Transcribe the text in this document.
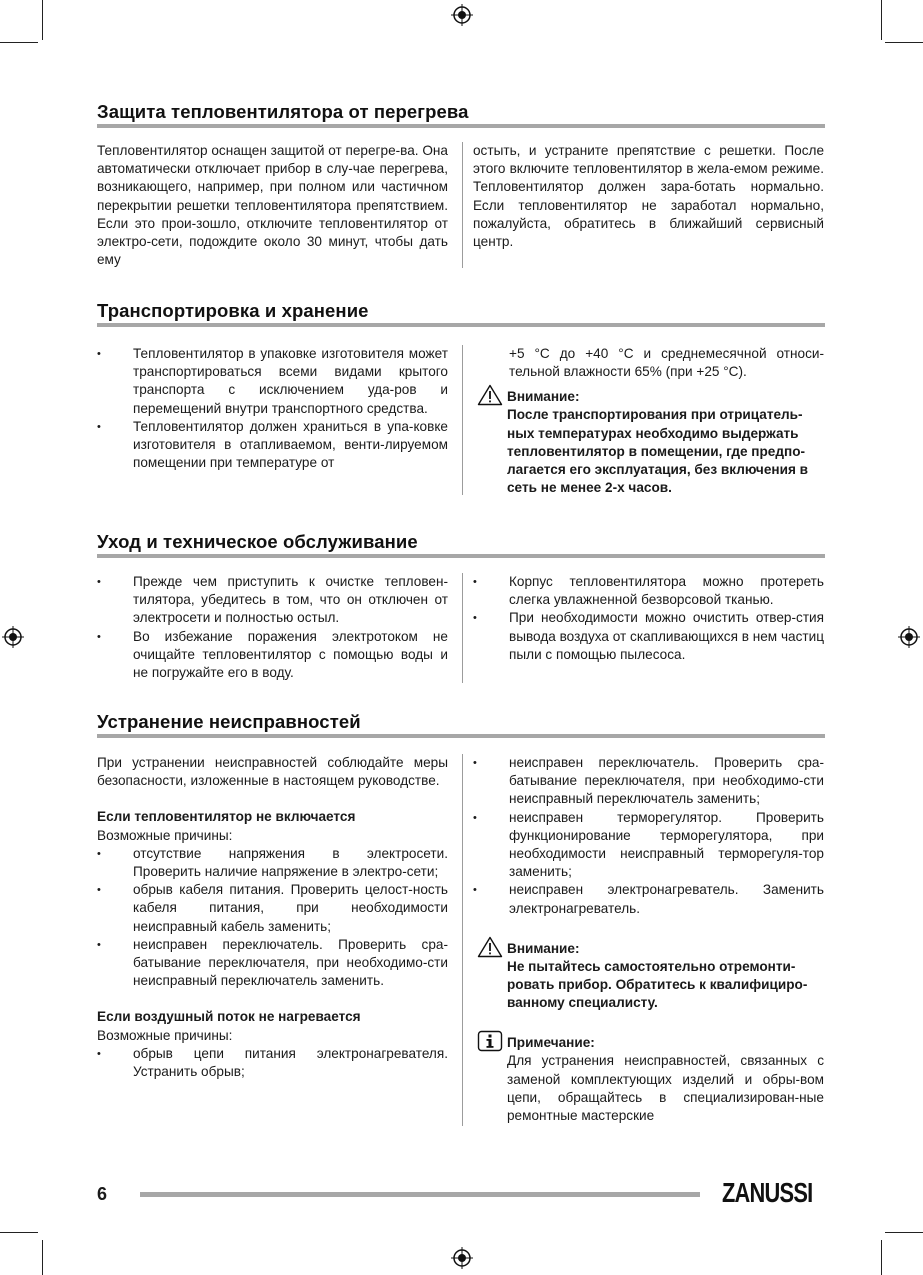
Защита тепловентилятора от перегрева

Тепловентилятор оснащен защитой от перегре-ва. Она автоматически отключает прибор в слу-чае перегрева, возникающего, например, при полном или частичном перекрытии решетки тепловентилятора препятствием. Если это прои-зошло, отключите тепловентилятор от электро-сети, подождите около 30 минут, чтобы дать ему

остыть, и устраните препятствие с решетки. После этого включите тепловентилятор в жела-емом режиме. Тепловентилятор должен зара-ботать нормально. Если тепловентилятор не заработал нормально, пожалуйста, обратитесь в ближайший сервисный центр.

Транспортировка и хранение
• Тепловентилятор в упаковке изготовителя может транспортироваться всеми видами крытого транспорта с исключением уда-ров и перемещений внутри транспортного средства.
• Тепловентилятор должен храниться в упа-ковке изготовителя в отапливаемом, венти-лируемом помещении при температуре от

+5 °С до +40 °С и среднемесячной относи-тельной влажности 65% (при +25 °С).

Внимание:
После транспортирования при отрицатель-ных температурах необходимо выдержать тепловентилятор в помещении, где предпо-лагается его эксплуатация, без включения в сеть не менее 2-х часов.
Уход и техническое обслуживание
• Прежде чем приступить к очистке тепловен-тилятора, убедитесь в том, что он отключен от электросети и полностью остыл.
• Во избежание поражения электротоком не очищайте тепловентилятор с помощью воды и не погружайте его в воду.
• Корпус тепловентилятора можно протереть слегка увлажненной безворсовой тканью.
• При необходимости можно очистить отвер-стия вывода воздуха от скапливающихся в нем частиц пыли с помощью пылесоса.
Устранение неисправностей

При устранении неисправностей соблюдайте меры безопасности, изложенные в настоящем руководстве.

Если тепловентилятор не включается
Возможные причины:
• отсутствие напряжения в электросети. Проверить наличие напряжение в электро-сети;
• обрыв кабеля питания. Проверить целост-ность кабеля питания, при необходимости неисправный кабель заменить;
• неисправен переключатель. Проверить сра-батывание переключателя, при необходимо-сти неисправный переключатель заменить.
Если воздушный поток не нагревается
Возможные причины:
• обрыв цепи питания электронагревателя. Устранить обрыв;
• неисправен переключатель. Проверить сра-батывание переключателя, при необходимо-сти неисправный переключатель заменить;
• неисправен терморегулятор. Проверить функционирование терморегулятора, при необходимости неисправный терморегуля-тор заменить;
• неисправен электронагреватель. Заменить электронагреватель.
Внимание:
Не пытайтесь самостоятельно отремонти-ровать прибор. Обратитесь к квалифициро-ванному специалисту.
Примечание:
Для устранения неисправностей, связанных с заменой комплектующих изделий и обры-вом цепи, обращайтесь в специализирован-ные ремонтные мастерские
6	ZANUSSI
